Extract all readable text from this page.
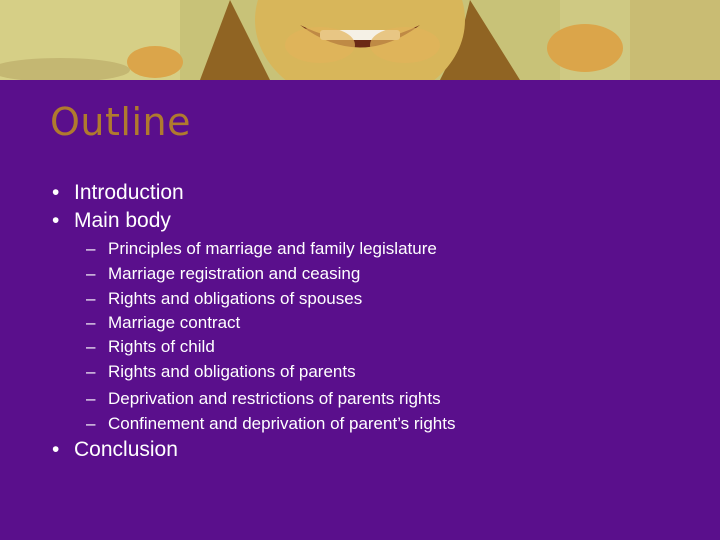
Outline
• Introduction
• Main body
– Principles of marriage and family legislature
– Marriage registration and ceasing
– Rights and obligations of spouses
– Marriage contract
– Rights of child
– Rights and obligations of parents
– Deprivation and restrictions of parents rights
– Confinement and deprivation of parent’s rights
• Conclusion
